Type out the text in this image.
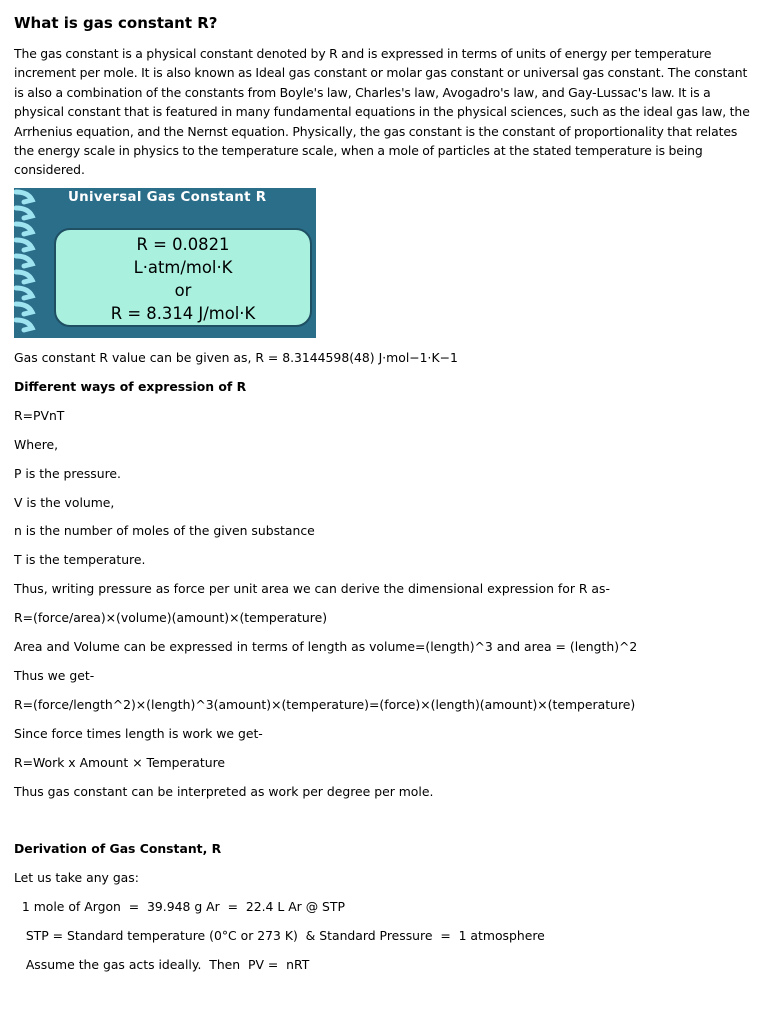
What is gas constant R?

The gas constant is a physical constant denoted by R and is expressed in terms of units of energy per temperature increment per mole. It is also known as Ideal gas constant or molar gas constant or universal gas constant. The constant is also a combination of the constants from Boyle's law, Charles's law, Avogadro's law, and Gay-Lussac's law. It is a physical constant that is featured in many fundamental equations in the physical sciences, such as the ideal gas law, the Arrhenius equation, and the Nernst equation. Physically, the gas constant is the constant of proportionality that relates the energy scale in physics to the temperature scale, when a mole of particles at the stated temperature is being considered.

Universal Gas Constant R
R = 0.0821
L·atm/mol·K
or
R = 8.314 J/mol·K

Gas constant R value can be given as, R = 8.3144598(48) J⋅mol−1⋅K−1

Different ways of expression of R

R=PVnT

Where,

P is the pressure.

V is the volume,

n is the number of moles of the given substance

T is the temperature.

Thus, writing pressure as force per unit area we can derive the dimensional expression for R as-

R=(force/area)×(volume)(amount)×(temperature)

Area and Volume can be expressed in terms of length as volume=(length)^3 and area = (length)^2

Thus we get-

R=(force/length^2)×(length)^3(amount)×(temperature)=(force)×(length)(amount)×(temperature)

Since force times length is work we get-

R=Work x Amount × Temperature

Thus gas constant can be interpreted as work per degree per mole.

Derivation of Gas Constant, R

Let us take any gas:

1 mole of Argon  =  39.948 g Ar  =  22.4 L Ar @ STP

STP = Standard temperature (0°C or 273 K)  & Standard Pressure  =  1 atmosphere

Assume the gas acts ideally.  Then  PV =  nRT
